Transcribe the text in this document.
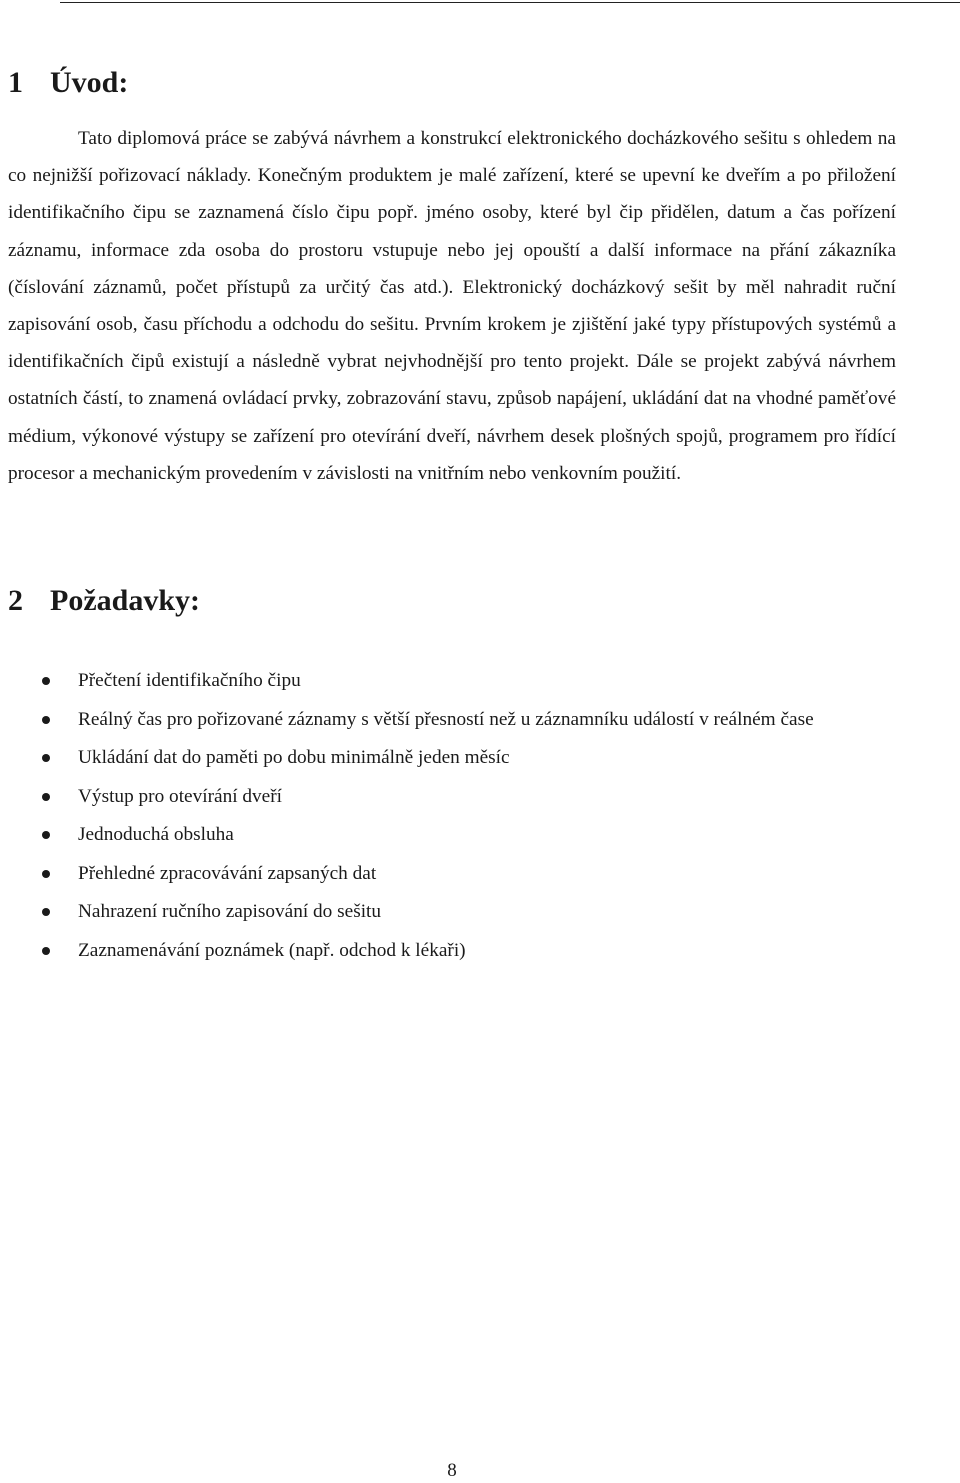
1 Úvod:

Tato diplomová práce se zabývá návrhem a konstrukcí elektronického docházkového sešitu s ohledem na co nejnižší pořizovací náklady. Konečným produktem je malé zařízení, které se upevní ke dveřím a po přiložení identifikačního čipu se zaznamená číslo čipu popř. jméno osoby, které byl čip přidělen, datum a čas pořízení záznamu, informace zda osoba do prostoru vstupuje nebo jej opouští a další informace na přání zákazníka (číslování záznamů, počet přístupů za určitý čas atd.). Elektronický docházkový sešit by měl nahradit ruční zapisování osob, času příchodu a odchodu do sešitu. Prvním krokem je zjištění jaké typy přístupových systémů a identifikačních čipů existují a následně vybrat nejvhodnější pro tento projekt. Dále se projekt zabývá návrhem ostatních částí, to znamená ovládací prvky, zobrazování stavu, způsob napájení, ukládání dat na vhodné paměťové médium, výkonové výstupy se zařízení pro otevírání dveří, návrhem desek plošných spojů, programem pro řídící procesor a mechanickým provedením v závislosti na vnitřním nebo venkovním použití.

2 Požadavky:
Přečtení identifikačního čipu
Reálný čas pro pořizované záznamy s větší přesností než u záznamníku událostí v reálném čase
Ukládání dat do paměti po dobu minimálně jeden měsíc
Výstup pro otevírání dveří
Jednoduchá obsluha
Přehledné zpracovávání zapsaných dat
Nahrazení ručního zapisování do sešitu
Zaznamenávání poznámek (např. odchod k lékaři)
8
